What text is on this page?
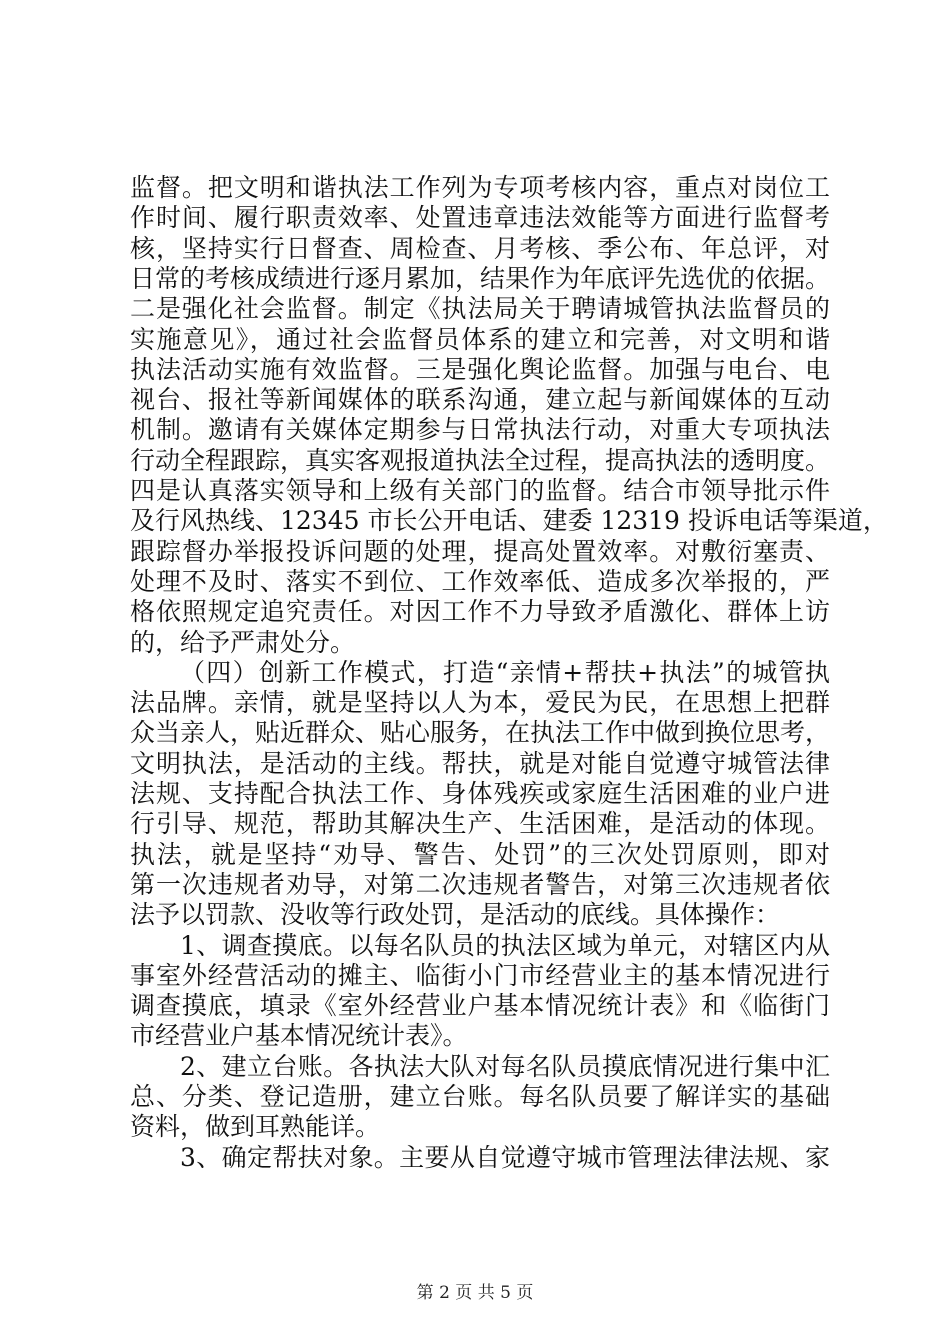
监督。把文明和谐执法工作列为专项考核内容，重点对岗位工
作时间、履行职责效率、处置违章违法效能等方面进行监督考
核，坚持实行日督查、周检查、月考核、季公布、年总评，对
日常的考核成绩进行逐月累加，结果作为年底评先选优的依据。
二是强化社会监督。制定《执法局关于聘请城管执法监督员的
实施意见》，通过社会监督员体系的建立和完善，对文明和谐
执法活动实施有效监督。三是强化舆论监督。加强与电台、电
视台、报社等新闻媒体的联系沟通，建立起与新闻媒体的互动
机制。邀请有关媒体定期参与日常执法行动，对重大专项执法
行动全程跟踪，真实客观报道执法全过程，提高执法的透明度。
四是认真落实领导和上级有关部门的监督。结合市领导批示件
及行风热线、12345 市长公开电话、建委 12319 投诉电话等渠道，
跟踪督办举报投诉问题的处理，提高处置效率。对敷衍塞责、
处理不及时、落实不到位、工作效率低、造成多次举报的，严
格依照规定追究责任。对因工作不力导致矛盾激化、群体上访
的，给予严肃处分。
（四）创新工作模式，打造“亲情+帮扶+执法”的城管执
法品牌。亲情，就是坚持以人为本，爱民为民，在思想上把群
众当亲人，贴近群众、贴心服务，在执法工作中做到换位思考，
文明执法，是活动的主线。帮扶，就是对能自觉遵守城管法律
法规、支持配合执法工作、身体残疾或家庭生活困难的业户进
行引导、规范，帮助其解决生产、生活困难，是活动的体现。
执法，就是坚持“劝导、警告、处罚”的三次处罚原则，即对
第一次违规者劝导，对第二次违规者警告，对第三次违规者依
法予以罚款、没收等行政处罚，是活动的底线。具体操作：
1、调查摸底。以每名队员的执法区域为单元，对辖区内从
事室外经营活动的摊主、临街小门市经营业主的基本情况进行
调查摸底，填录《室外经营业户基本情况统计表》和《临街门
市经营业户基本情况统计表》。
2、建立台账。各执法大队对每名队员摸底情况进行集中汇
总、分类、登记造册，建立台账。每名队员要了解详实的基础
资料，做到耳熟能详。
3、确定帮扶对象。主要从自觉遵守城市管理法律法规、家
第 2 页 共 5 页
